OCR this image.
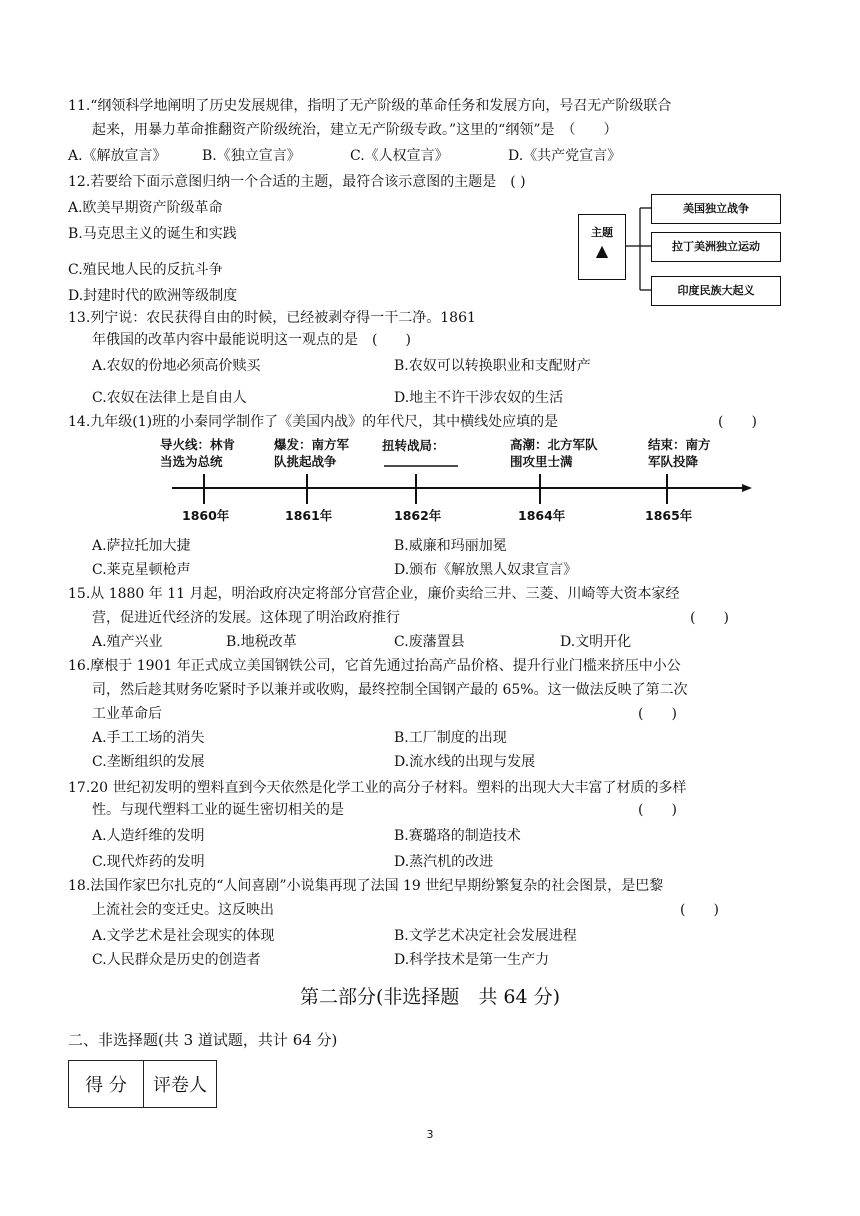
11.“纲领科学地阐明了历史发展规律，指明了无产阶级的革命任务和发展方向，号召无产阶级联合
起来，用暴力革命推翻资产阶级统治，建立无产阶级专政。”这里的“纲领”是　（　　）
A.《解放宣言》	B.《独立宣言》	C.《人权宣言》	D.《共产党宣言》
12.若要给下面示意图归纳一个合适的主题，最符合该示意图的主题是　( )
A.欧美早期资产阶级革命
B.马克思主义的诞生和实践
C.殖民地人民的反抗斗争
D.封建时代的欧洲等级制度
主题
▲
美国独立战争
拉丁美洲独立运动
印度民族大起义
13.列宁说：农民获得自由的时候，已经被剥夺得一干二净。1861
年俄国的改革内容中最能说明这一观点的是　(　　)
A.农奴的份地必须高价赎买	B.农奴可以转换职业和支配财产
C.农奴在法律上是自由人	D.地主不许干涉农奴的生活
14.九年级(1)班的小秦同学制作了《美国内战》的年代尺，其中横线处应填的是	(　　)
导火线：林肯
当选为总统
爆发：南方军
队挑起战争
扭转战局：	高潮：北方军队
围攻里士满
结束：南方
军队投降
1860年	1861年	1862年	1864年	1865年
A.萨拉托加大捷	B.威廉和玛丽加冕
C.莱克星顿枪声	D.颁布《解放黑人奴隶宣言》
15.从 1880 年 11 月起，明治政府决定将部分官营企业，廉价卖给三井、三菱、川崎等大资本家经
营，促进近代经济的发展。这体现了明治政府推行	(　　)
A.殖产兴业	B.地税改革	C.废藩置县	D.文明开化
16.摩根于 1901 年正式成立美国钢铁公司，它首先通过抬高产品价格、提升行业门槛来挤压中小公
司，然后趁其财务吃紧时予以兼并或收购，最终控制全国钢产最的 65%。这一做法反映了第二次
工业革命后	(　　)
A.手工工场的消失	B.工厂制度的出现
C.垄断组织的发展	D.流水线的出现与发展
17.20 世纪初发明的塑料直到今天依然是化学工业的高分子材料。塑料的出现大大丰富了材质的多样
性。与现代塑料工业的诞生密切相关的是	(　　)
A.人造纤维的发明	B.赛璐珞的制造技术
C.现代炸药的发明	D.蒸汽机的改进
18.法国作家巴尔扎克的“人间喜剧”小说集再现了法国 19 世纪早期纷繁复杂的社会图景，是巴黎
上流社会的变迁史。这反映出	(　　)
A.文学艺术是社会现实的体现	B.文学艺术决定社会发展进程
C.人民群众是历史的创造者	D.科学技术是第一生产力
第二部分(非选择题　共 64 分)
二、非选择题(共 3 道试题，共计 64 分)
得 分	评卷人
3
